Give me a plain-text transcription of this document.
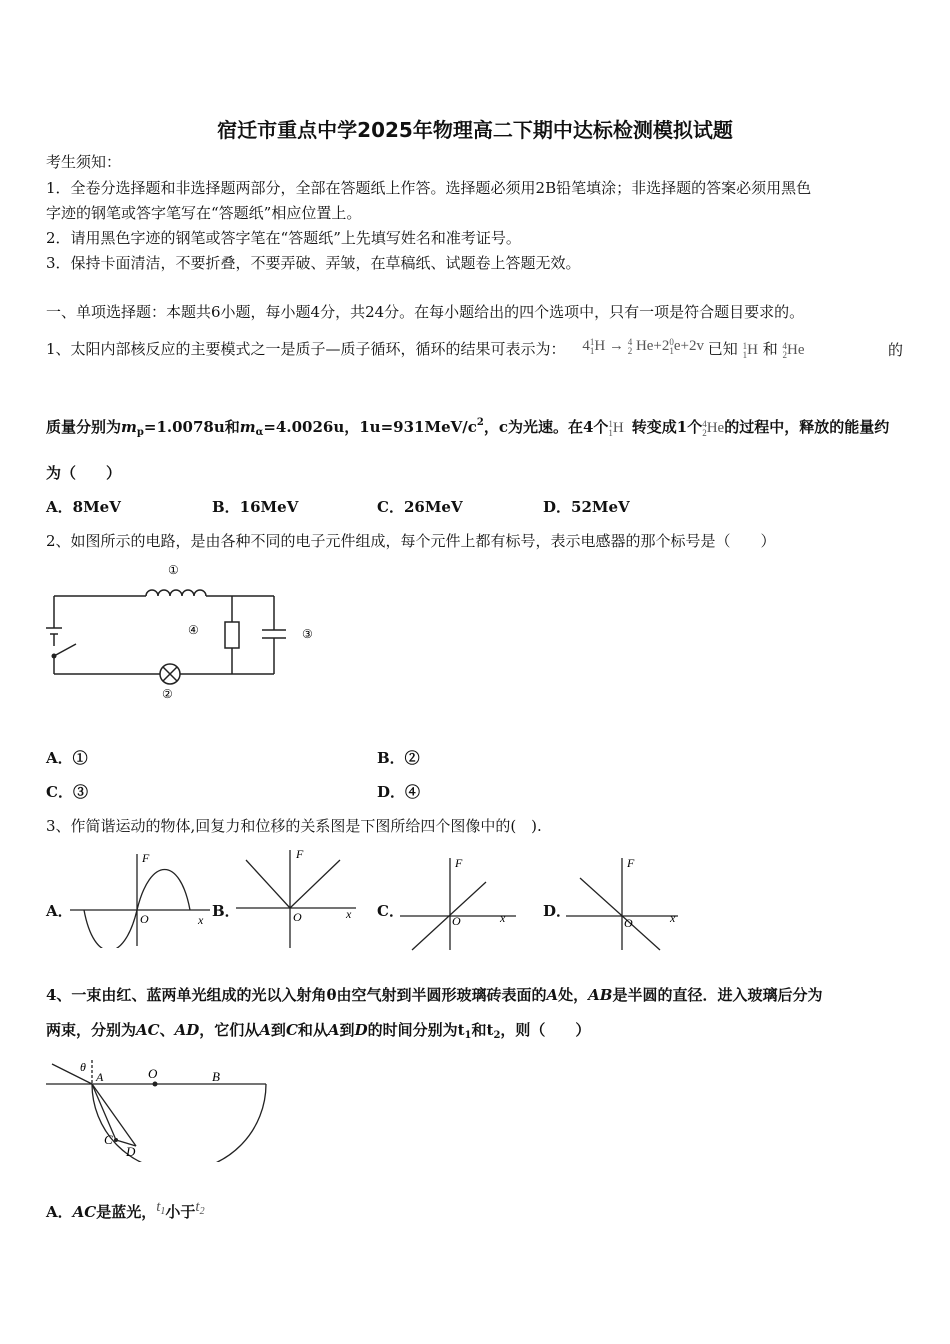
宿迁市重点中学2025年物理高二下期中达标检测模拟试题
考生须知：
1．全卷分选择题和非选择题两部分，全部在答题纸上作答。选择题必须用2B铅笔填涂；非选择题的答案必须用黑色
字迹的钢笔或答字笔写在“答题纸”相应位置上。
2．请用黑色字迹的钢笔或答字笔在“答题纸”上先填写姓名和准考证号。
3．保持卡面清洁，不要折叠，不要弄破、弄皱，在草稿纸、试题卷上答题无效。
一、单项选择题：本题共6小题，每小题4分，共24分。在每小题给出的四个选项中，只有一项是符合题目要求的。
1、太阳内部核反应的主要模式之一是质子—质子循环，循环的结果可表示为： 41
1H → 4
2 He+20
1e+2v 已知 1
1H 和 4
2He	的
质量分别为$m_p=1.0078u$和$m_\alpha=4.0026u$，$1u=931MeV/c^2$，c为光速。在4个1
1H 转变成1个4
2He的过程中，释放的能量约
为（　　）
A．8MeV	B．16MeV	C．26MeV	D．52MeV
2、如图所示的电路，是由各种不同的电子元件组成，每个元件上都有标号，表示电感器的那个标号是（　　）
①
②
③
④
A．①	B．②
C．③	D．④
3、作简谐运动的物体,回复力和位移的关系图是下图所给四个图像中的(　).
A．
F
x
O	B．
F
x
O	C．
F
x
O
D．
F
x
O
4、一束由红、蓝两单光组成的光以入射角θ由空气射到半圆形玻璃砖表面的A处，AB是半圆的直径．进入玻璃后分为
两束，分别为AC、AD，它们从A到C和从A到D的时间分别为$t_1$和$t_2$，则（　　）
θ
A	O	B
C
D
A．AC是蓝光，$t_1$小于$t_2$
